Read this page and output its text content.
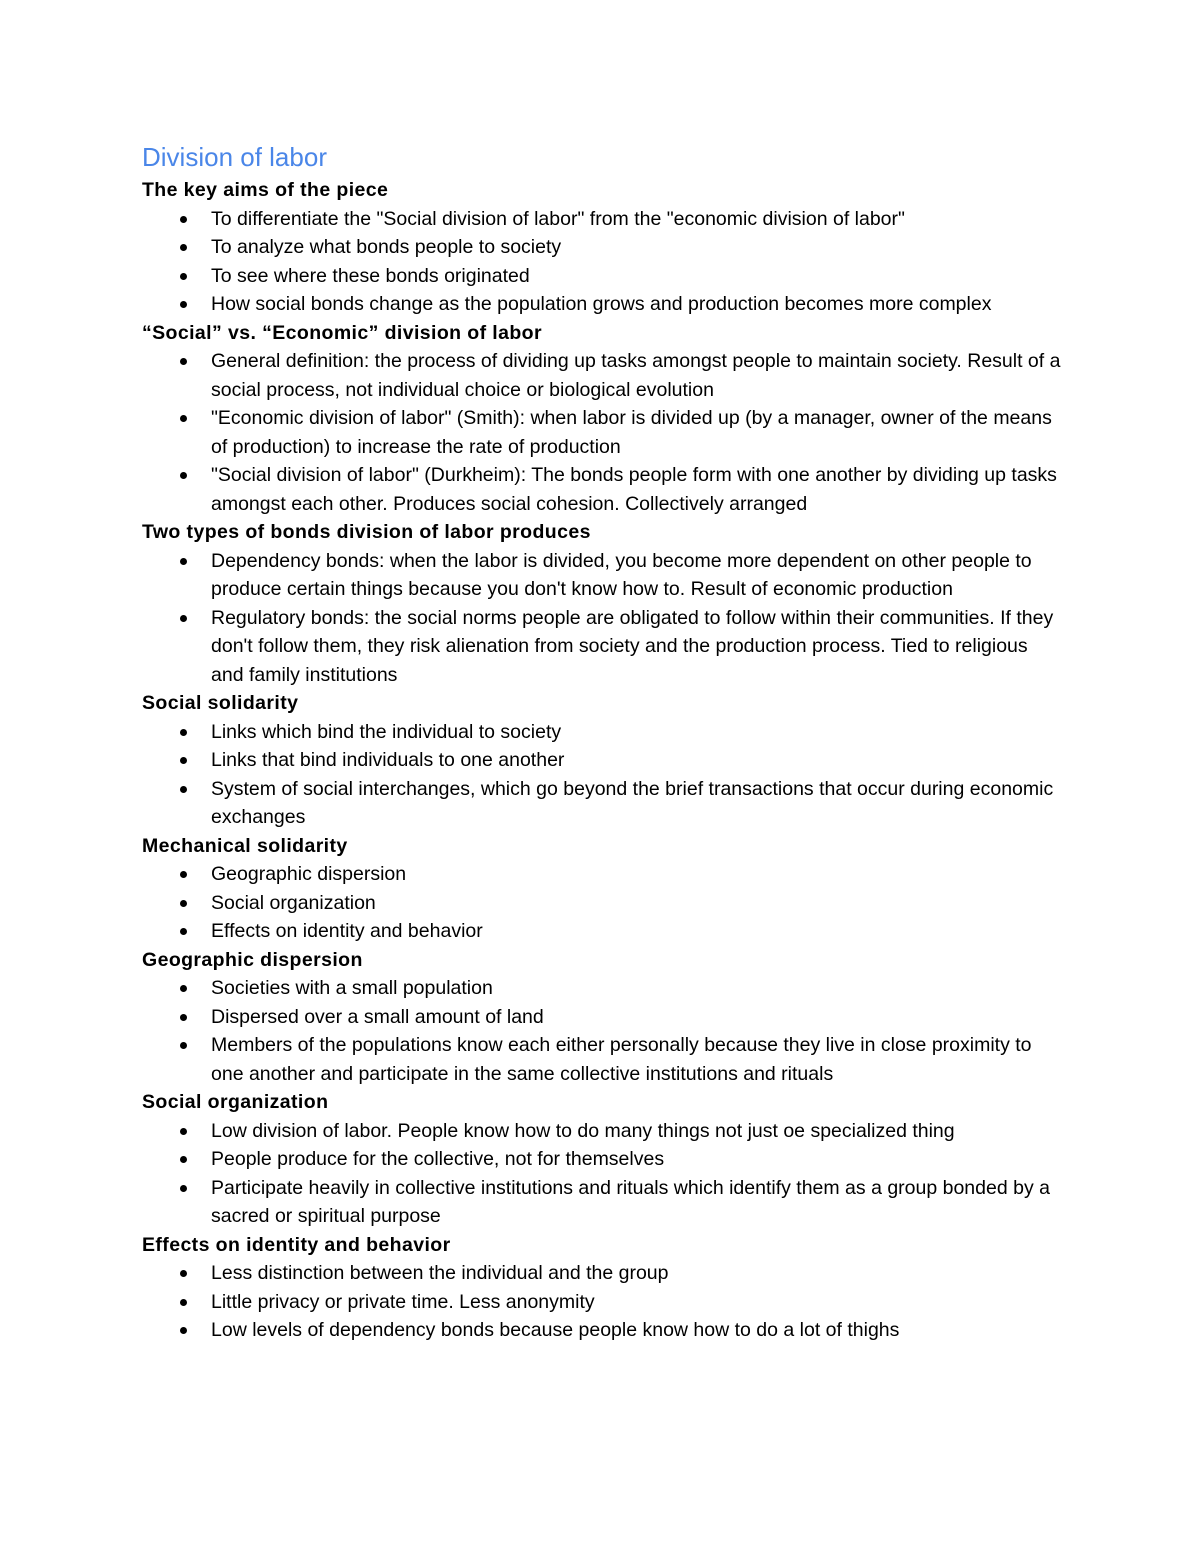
Division of labor
The key aims of the piece
To differentiate the "Social division of labor" from the "economic division of labor"
To analyze what bonds people to society
To see where these bonds originated
How social bonds change as the population grows and production becomes more complex
“Social” vs. “Economic” division of labor
General definition: the process of dividing up tasks amongst people to maintain society. Result of a social process, not individual choice or biological evolution
"Economic division of labor" (Smith): when labor is divided up (by a manager, owner of the means of production) to increase the rate of production
"Social division of labor" (Durkheim): The bonds people form with one another by dividing up tasks amongst each other. Produces social cohesion. Collectively arranged
Two types of bonds division of labor produces
Dependency bonds: when the labor is divided, you become more dependent on other people to produce certain things because you don't know how to. Result of economic production
Regulatory bonds: the social norms people are obligated to follow within their communities. If they don't follow them, they risk alienation from society and the production process. Tied to religious and family institutions
Social solidarity
Links which bind the individual to society
Links that bind individuals to one another
System of social interchanges, which go beyond the brief transactions that occur during economic exchanges
Mechanical solidarity
Geographic dispersion
Social organization
Effects on identity and behavior
Geographic dispersion
Societies with a small population
Dispersed over a small amount of land
Members of the populations know each either personally because they live in close proximity to one another and participate in the same collective institutions and rituals
Social organization
Low division of labor. People know how to do many things not just oe specialized thing
People produce for the collective, not for themselves
Participate heavily in collective institutions and rituals which identify them as a group bonded by a sacred or spiritual purpose
Effects on identity and behavior
Less distinction between the individual and the group
Little privacy or private time. Less anonymity
Low levels of dependency bonds because people know how to do a lot of thighs
